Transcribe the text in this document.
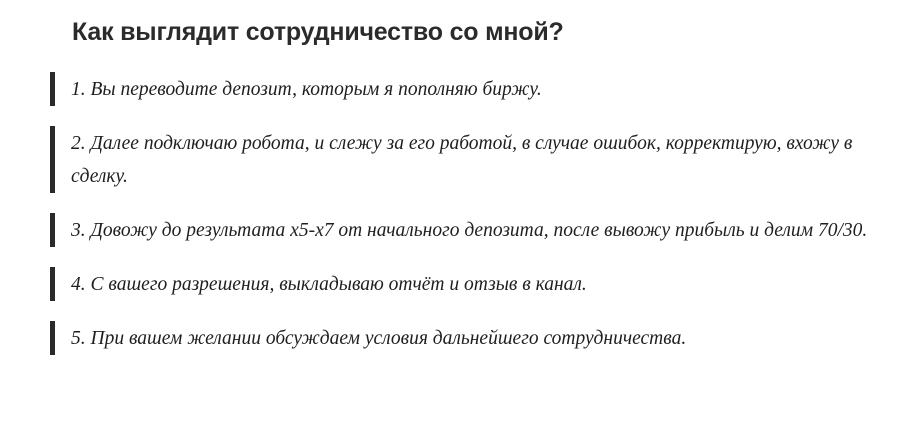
Как выглядит сотрудничество со мной?
1. Вы переводите депозит, которым я пополняю биржу.
2. Далее подключаю робота, и слежу за его работой, в случае ошибок, корректирую, вхожу в сделку.
3. Довожу до результата x5-x7 от начального депозита, после вывожу прибыль и делим 70/30.
4. С вашего разрешения, выкладываю отчёт и отзыв в канал.
5. При вашем желании обсуждаем условия дальнейшего сотрудничества.
